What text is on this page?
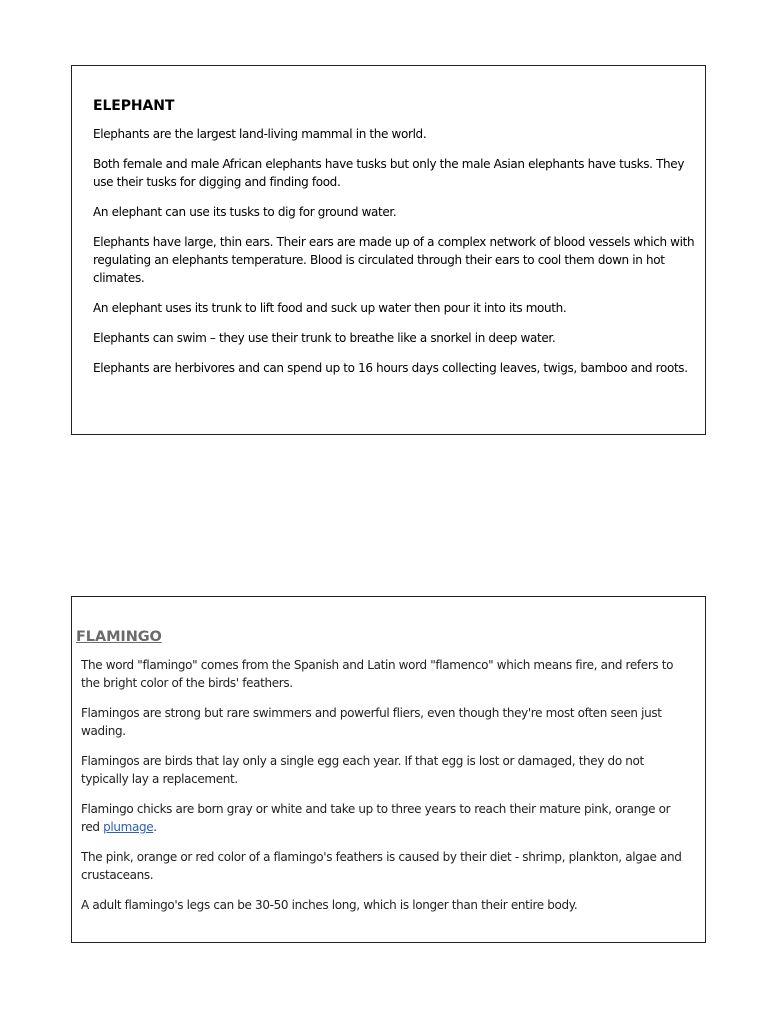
ELEPHANT

Elephants are the largest land-living mammal in the world.

Both female and male African elephants have tusks but only the male Asian elephants have tusks. They use their tusks for digging and finding food.

An elephant can use its tusks to dig for ground water.

Elephants have large, thin ears. Their ears are made up of a complex network of blood vessels which with regulating an elephants temperature. Blood is circulated through their ears to cool them down in hot climates.

An elephant uses its trunk to lift food and suck up water then pour it into its mouth.

Elephants can swim – they use their trunk to breathe like a snorkel in deep water.

Elephants are herbivores and can spend up to 16 hours days collecting leaves, twigs, bamboo and roots.

FLAMINGO

The word "flamingo" comes from the Spanish and Latin word "flamenco" which means fire, and refers to the bright color of the birds' feathers.

Flamingos are strong but rare swimmers and powerful fliers, even though they're most often seen just wading.

Flamingos are birds that lay only a single egg each year. If that egg is lost or damaged, they do not typically lay a replacement.

Flamingo chicks are born gray or white and take up to three years to reach their mature pink, orange or red plumage.

The pink, orange or red color of a flamingo's feathers is caused by their diet - shrimp, plankton, algae and crustaceans.

A adult flamingo's legs can be 30-50 inches long, which is longer than their entire body.
